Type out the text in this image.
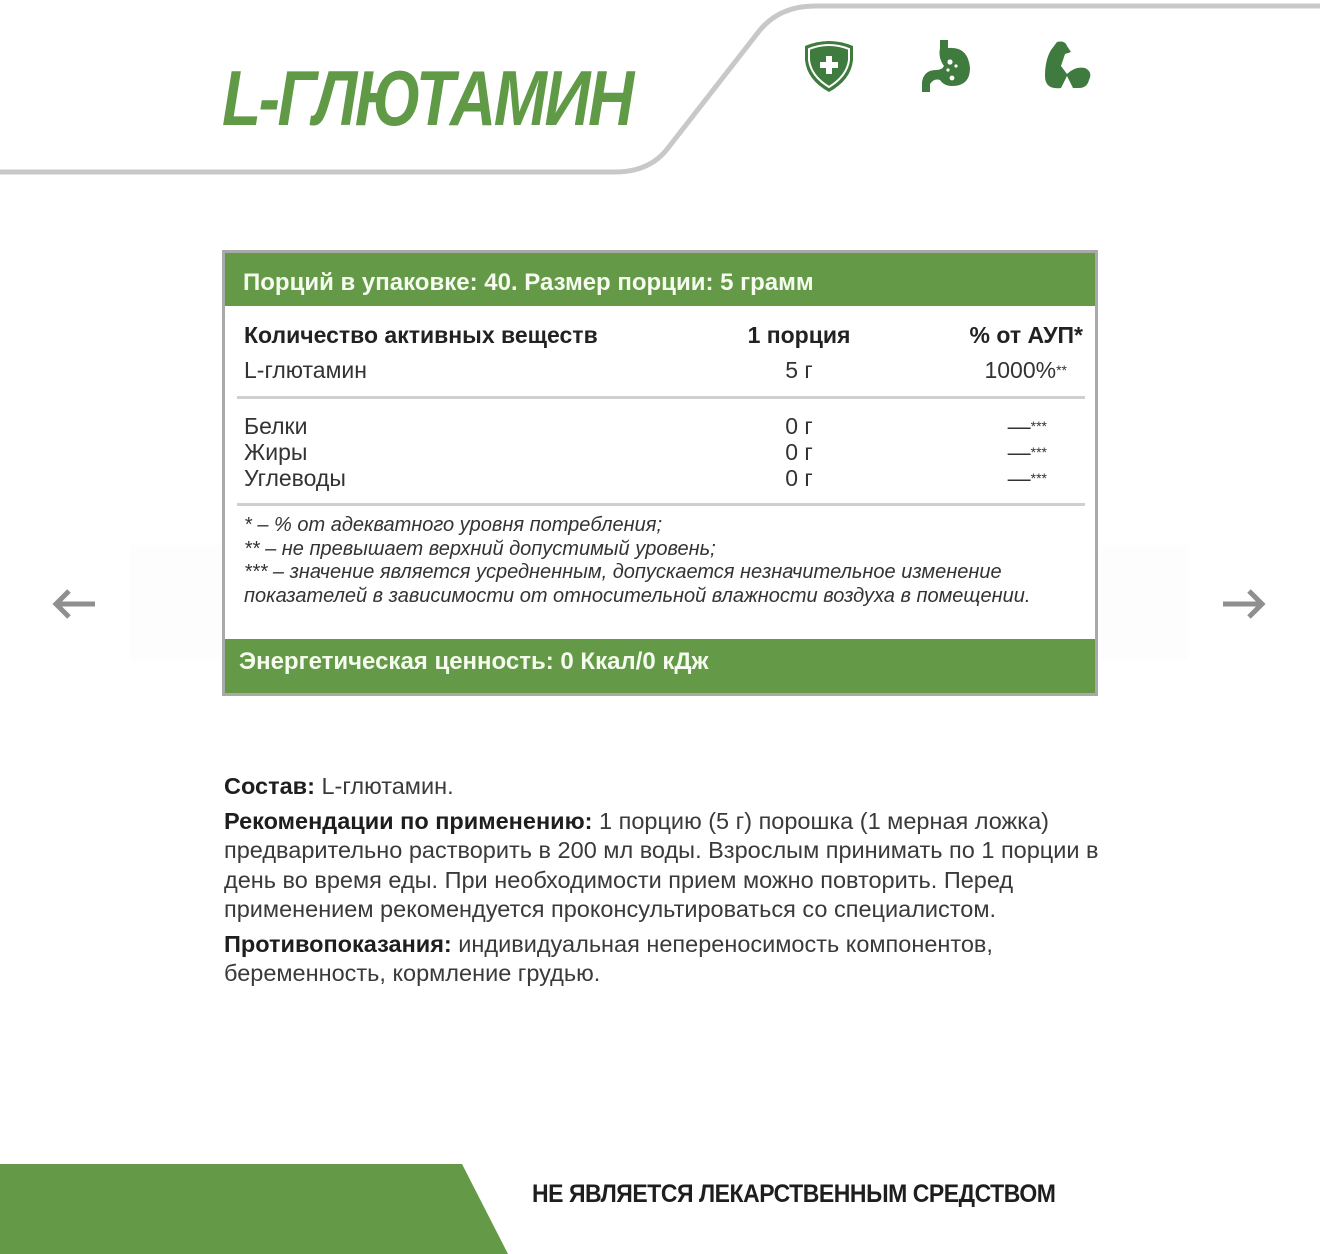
L-ГЛЮТАМИН
Порций в упаковке: 40. Размер порции: 5 грамм
Количество активных веществ	1 порция	% от АУП*
L-глютамин	5 г	1000%**
Белки	0 г	—***
Жиры	0 г	—***
Углеводы	0 г	—***
* – % от адекватного уровня потребления;
** – не превышает верхний допустимый уровень;
*** – значение является усредненным, допускается незначительное изменение показателей в зависимости от относительной влажности воздуха в помещении.
Энергетическая ценность: 0 Ккал/0 кДж

Состав: L-глютамин.

Рекомендации по применению: 1 порцию (5 г) порошка (1 мерная ложка) предварительно растворить в 200 мл воды. Взрослым принимать по 1 порции в день во время еды. При необходимости прием можно повторить. Перед применением рекомендуется проконсультироваться со специалистом.

Противопоказания: индивидуальная непереносимость компонентов, беременность, кормление грудью.

НЕ ЯВЛЯЕТСЯ ЛЕКАРСТВЕННЫМ СРЕДСТВОМ
